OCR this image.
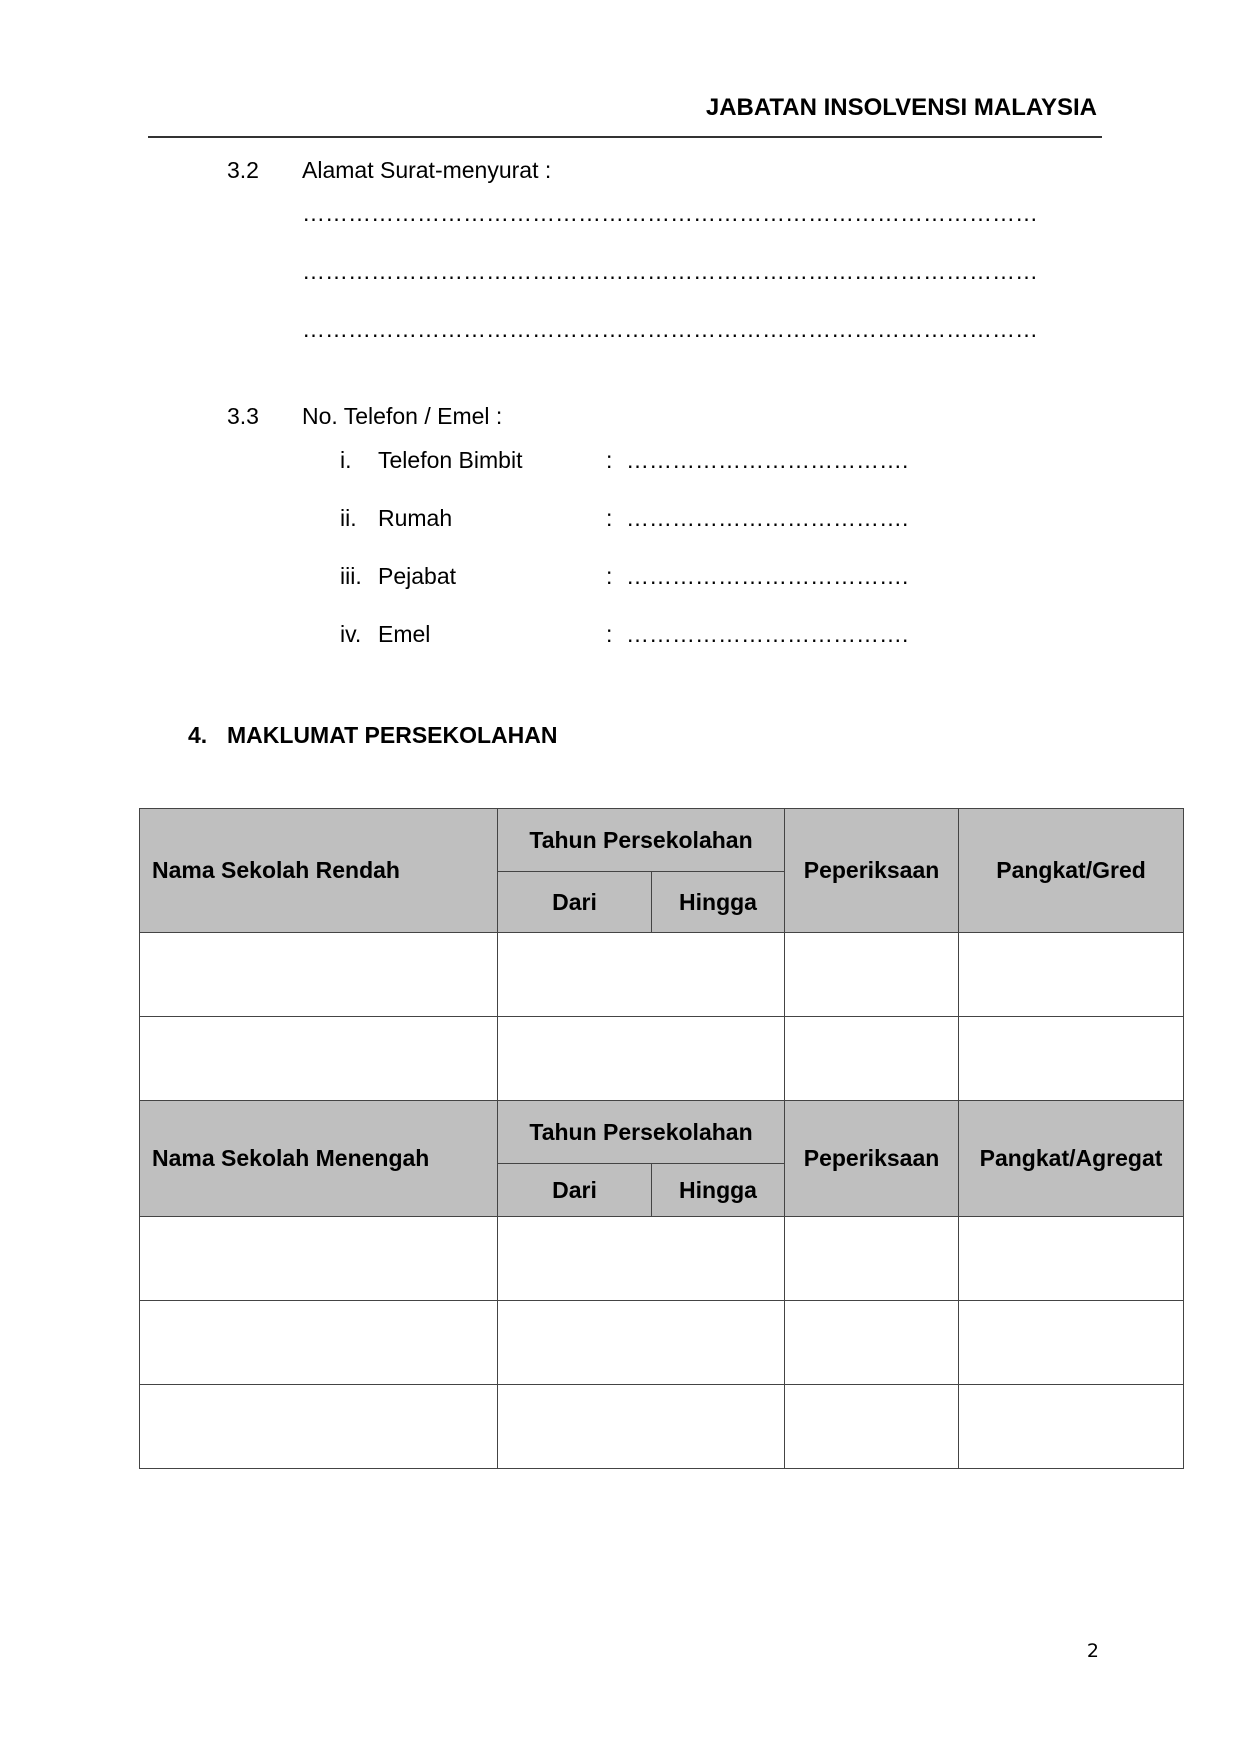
JABATAN INSOLVENSI MALAYSIA
3.2 Alamat Surat-menyurat :
……………………………………………………………………………………
……………………………………………………………………………………
……………………………………………………………………………………
3.3 No. Telefon / Emel :
i. Telefon Bimbit	: ……………………………….
ii. Rumah	: ……………………………….
iii. Pejabat	: ……………………………….
iv. Emel	: ……………………………….
4. MAKLUMAT PERSEKOLAHAN
Nama Sekolah Rendah	Tahun Persekolahan		Peperiksaan	Pangkat/Gred
	Dari	Hingga		

Nama Sekolah Menengah	Tahun Persekolahan		Peperiksaan	Pangkat/Agregat
	Dari	Hingga		

2
